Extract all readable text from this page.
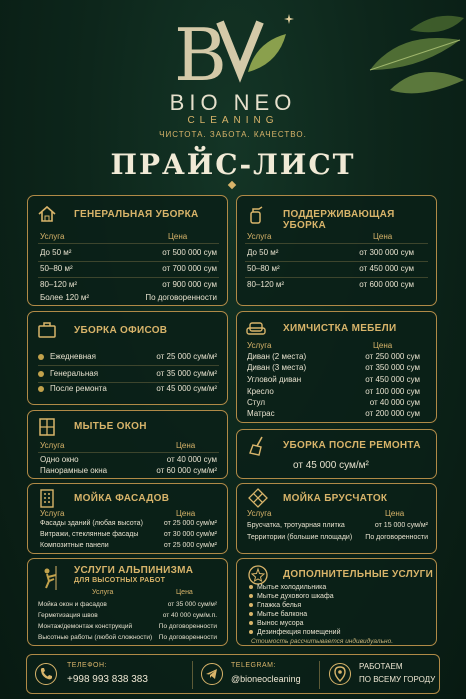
B
BIO NEO
CLEANING
ЧИСТОТА. ЗАБОТА. КАЧЕСТВО.
ПРАЙС-ЛИСТ
ГЕНЕРАЛЬНАЯ УБОРКА
Услуга	Цена
До 50 м²	от 500 000 сум
50–80 м²	от 700 000 сум
80–120 м²	от 900 000 сум
Более 120 м²	По договоренности
ПОДДЕРЖИВАЮЩАЯ УБОРКА
Услуга	Цена
До 50 м²	от 300 000 сум
50–80 м²	от 450 000 сум
80–120 м²	от 600 000 сум
УБОРКА ОФИСОВ
Ежедневная	от 25 000 сум/м²
Генеральная	от 35 000 сум/м²
После ремонта	от 45 000 сум/м²
ХИМЧИСТКА МЕБЕЛИ
Услуга	Цена
Диван (2 места)	от 250 000 сум
Диван (3 места)	от 350 000 сум
Угловой диван	от 450 000 сум
Кресло	от 100 000 сум
Стул	от 40 000 сум
Матрас	от 200 000 сум
МЫТЬЕ ОКОН
Услуга	Цена
Одно окно	от 40 000 сум
Панорамные окна	от 60 000 сум/м²
УБОРКА ПОСЛЕ РЕМОНТА
от 45 000 сум/м²
МОЙКА ФАСАДОВ
Услуга	Цена
Фасады зданий (любая высота)	от 25 000 сум/м²
Витражи, стеклянные фасады	от 30 000 сум/м²
Композитные панели	от 25 000 сум/м²
МОЙКА БРУСЧАТОК
Услуга	Цена
Брусчатка, тротуарная плитка	от 15 000 сум/м²
Территории (большие площади) По договоренности
УСЛУГИ АЛЬПИНИЗМА
ДЛЯ ВЫСОТНЫХ РАБОТ
Услуга	Цена
Мойка окон и фасадов	от 35 000 сум/м²
Герметизация швов	от 40 000 сум/м.п.
Монтаж/демонтаж конструкций	По договоренности
Высотные работы (любой сложности) По договоренности
ДОПОЛНИТЕЛЬНЫЕ УСЛУГИ
Мытье холодильника
Мытье духового шкафа
Глажка белья
Мытье балкона
Вынос мусора
Дезинфекция помещений
Стоимость рассчитывается индивидуально.
ТЕЛЕФОН:
+998 993 838 383
TELEGRAM:
@bioneocleaning
РАБОТАЕМ
ПО ВСЕМУ ГОРОДУ
